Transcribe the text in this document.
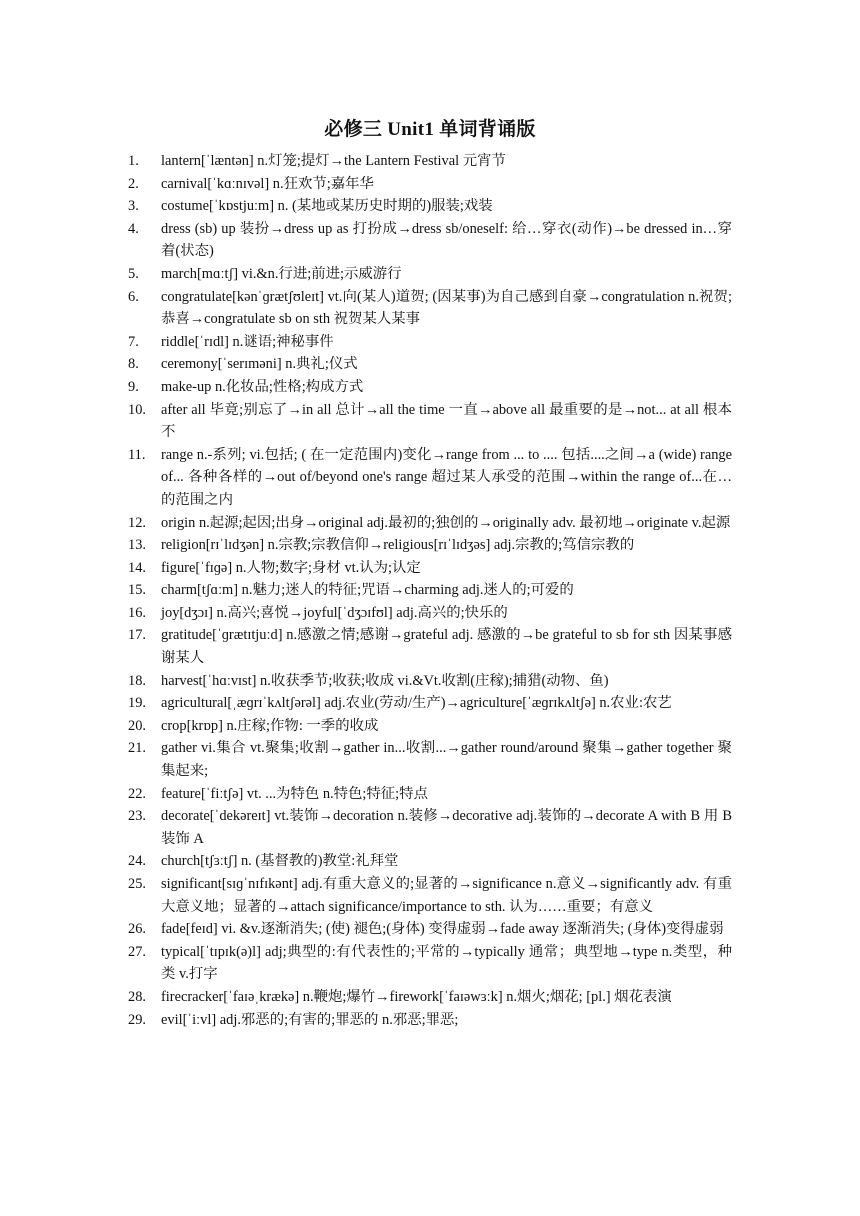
必修三 Unit1 单词背诵版
1.	lantern[ˈlæntən] n.灯笼;提灯→the Lantern Festival 元宵节
2.	carnival[ˈkɑːnɪvəl] n.狂欢节;嘉年华
3.	costume[ˈkɒstjuːm] n. (某地或某历史时期的)服装;戏装
4.	dress (sb) up 装扮→dress up as 打扮成→dress sb/oneself: 给…穿衣(动作)→be dressed in…穿着(状态)
5.	march[mɑːtʃ] vi.&n.行进;前进;示威游行
6.	congratulate[kənˈɡrætʃʊleɪt] vt.向(某人)道贺; (因某事)为自己感到自豪→congratulation n.祝贺;恭喜→congratulate sb on sth 祝贺某人某事
7.	riddle[ˈrɪdl] n.谜语;神秘事件
8.	ceremony[ˈserɪməni] n.典礼;仪式
9.	make-up n.化妆品;性格;构成方式
10.	after all 毕竟;别忘了→in all 总计→all the time 一直→above all 最重要的是→not... at all 根本不
11.	range n.-系列; vi.包括; ( 在一定范围内)变化→range from ... to .... 包括....之间→a (wide) range of... 各种各样的→out of/beyond one's range 超过某人承受的范围→within the range of...在…的范围之内
12.	origin n.起源;起因;出身→original adj.最初的;独创的→originally adv. 最初地→originate v.起源
13.	religion[rɪˈlɪdʒən] n.宗教;宗教信仰→religious[rɪˈlɪdʒəs] adj.宗教的;笃信宗教的
14.	figure[ˈfɪɡə] n.人物;数字;身材 vt.认为;认定
15.	charm[tʃɑːm] n.魅力;迷人的特征;咒语→charming adj.迷人的;可爱的
16.	joy[dʒɔɪ] n.高兴;喜悦→joyful[ˈdʒɔɪfʊl] adj.高兴的;快乐的
17.	gratitude[ˈɡrætɪtjuːd] n.感激之情;感谢→grateful adj. 感激的→be grateful to sb for sth 因某事感谢某人
18.	harvest[ˈhɑːvɪst] n.收获季节;收获;收成 vi.&Vt.收割(庄稼);捕猎(动物、鱼)
19.	agricultural[ˌæɡrɪˈkʌltʃərəl] adj.农业(劳动/生产)→agriculture[ˈæɡrɪkʌltʃə] n.农业:农艺
20.	crop[krɒp] n.庄稼;作物: 一季的收成
21.	gather vi.集合 vt.聚集;收割→gather in...收割...→gather round/around 聚集→gather together 聚集起来;
22.	feature[ˈfiːtʃə] vt. ...为特色 n.特色;特征;特点
23.	decorate[ˈdekəreɪt] vt.装饰→decoration n.装修→decorative adj.装饰的→decorate A with B 用 B 装饰 A
24.	church[tʃɜːtʃ] n. (基督教的)教堂:礼拜堂
25.	significant[sɪɡˈnɪfɪkənt] adj.有重大意义的;显著的→significance n.意义→significantly adv. 有重大意义地；显著的→attach significance/importance to sth. 认为……重要；有意义
26.	fade[feɪd] vi. &v.逐渐消失; (使) 褪色;(身体) 变得虚弱→fade away 逐渐消失; (身体)变得虚弱
27.	typical[ˈtɪpɪk(ə)l] adj;典型的:有代表性的;平常的→typically 通常；典型地→type n.类型，种类 v.打字
28.	firecracker[ˈfaɪəˌkrækə] n.鞭炮;爆竹→firework[ˈfaɪəwɜːk] n.烟火;烟花; [pl.] 烟花表演
29.	evil[ˈiːvl] adj.邪恶的;有害的;罪恶的 n.邪恶;罪恶;
